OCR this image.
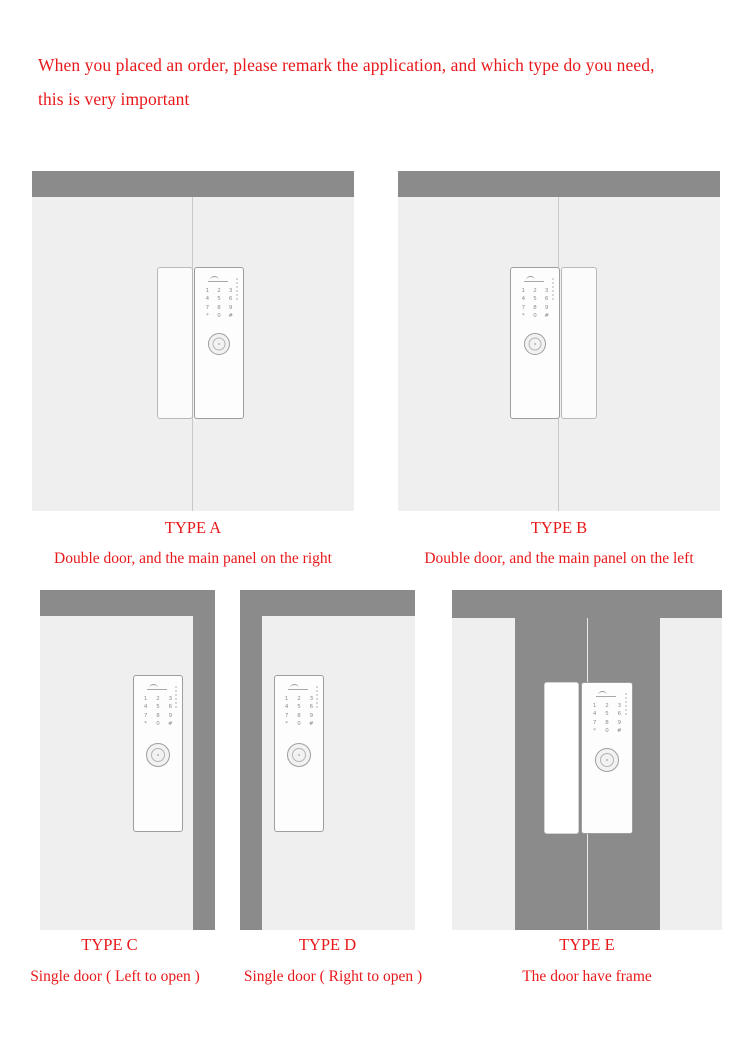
When you placed an order, please remark the application, and which type do you need,
this is very important
1 2 3
4 5 6
7 8 9
*	0 #
TYPE A
Double door, and the main panel on the right
1 2 3
4 5 6
7 8 9
*	0 #
TYPE B
Double door, and the main panel on the left
1	2	3
4	5	6
7	8	9
*	0	#
TYPE C
Single door ( Left to open )
1	2	3
4	5	6
7	8	9
*	0	#
TYPE D
Single door ( Right to open )
1	2	3
4	5	6
7	8	9
*	0	#
TYPE E
The door have frame
